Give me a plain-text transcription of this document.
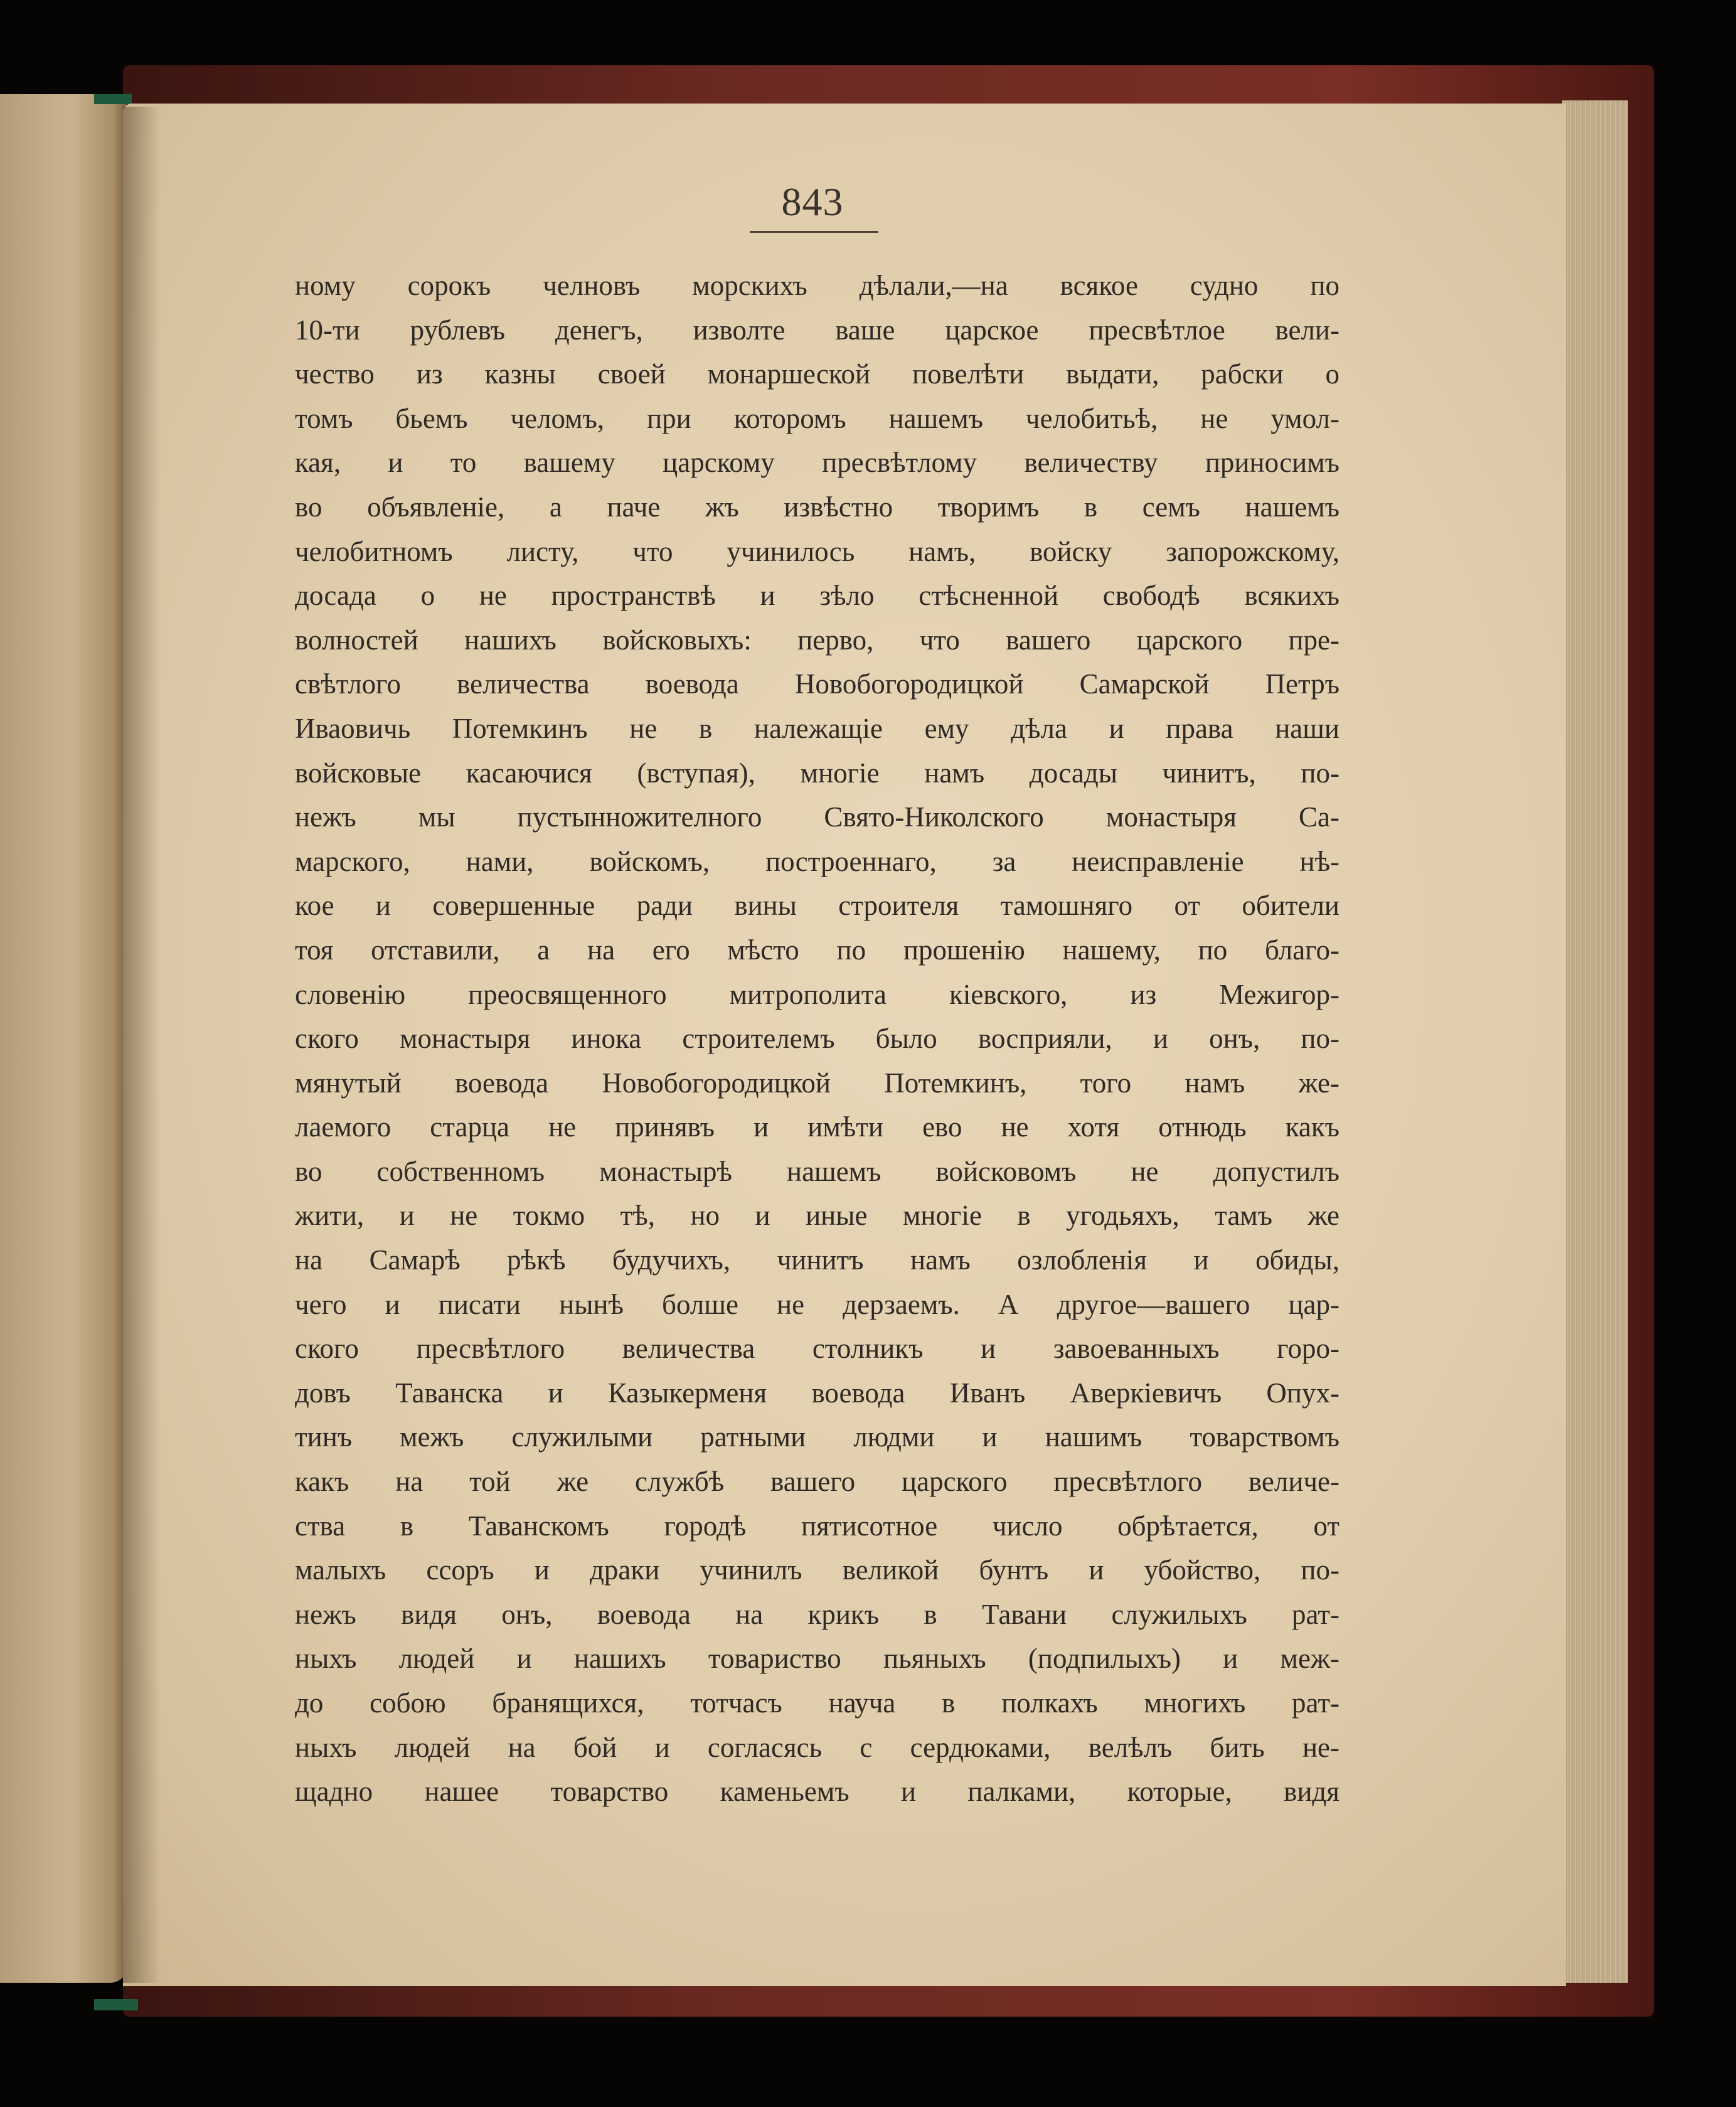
843
ному сорокъ челновъ морскихъ дѣлали,—на всякое судно по
10-ти рублевъ денегъ, изволте ваше царское пресвѣтлое вели-
чество из казны своей монаршеской повелѣти выдати, рабски о
томъ бьемъ челомъ, при которомъ нашемъ челобитьѣ, не умол-
кая, и то вашему царскому пресвѣтлому величеству приносимъ
во объявленіе, а паче жъ извѣстно творимъ в семъ нашемъ
челобитномъ листу, что учинилось намъ, войску запорожскому,
досада о не пространствѣ и зѣло стѣсненной свободѣ всякихъ
волностей нашихъ войсковыхъ: перво, что вашего царского пре-
свѣтлого величества воевода Новобогородицкой Самарской Петръ
Иваовичь Потемкинъ не в належащіе ему дѣла и права наши
войсковые касаючися (вступая), многіе намъ досады чинитъ, по-
нежъ мы пустынножителного Свято-Николского монастыря Са-
марского, нами, войскомъ, построеннаго, за неисправленіе нѣ-
кое и совершенные ради вины строителя тамошняго от обители
тоя отставили, а на его мѣсто по прошенію нашему, по благо-
словенію преосвященного митрополита кіевского, из Межигор-
ского монастыря инока строителемъ было восприяли, и онъ, по-
мянутый воевода Новобогородицкой Потемкинъ, того намъ же-
лаемого старца не принявъ и имѣти ево не хотя отнюдь какъ
во собственномъ монастырѣ нашемъ войсковомъ не допустилъ
жити, и не токмо тѣ, но и иные многіе в угодьяхъ, тамъ же
на Самарѣ рѣкѣ будучихъ, чинитъ намъ озлобленія и обиды,
чего и писати нынѣ болше не дерзаемъ. А другое—вашего цар-
ского пресвѣтлого величества столникъ и завоеванныхъ горо-
довъ Таванска и Казыкерменя воевода Иванъ Аверкіевичъ Опух-
тинъ межъ служилыми ратными людми и нашимъ товарствомъ
какъ на той же службѣ вашего царского пресвѣтлого величе-
ства в Таванскомъ городѣ пятисотное число обрѣтается, от
малыхъ ссоръ и драки учинилъ великой бунтъ и убойство, по-
нежъ видя онъ, воевода на крикъ в Тавани служилыхъ рат-
ныхъ людей и нашихъ товариство пьяныхъ (подпилыхъ) и меж-
до собою бранящихся, тотчасъ науча в полкахъ многихъ рат-
ныхъ людей на бой и согласясь с сердюками, велѣлъ бить не-
щадно нашее товарство каменьемъ и палками, которые, видя
